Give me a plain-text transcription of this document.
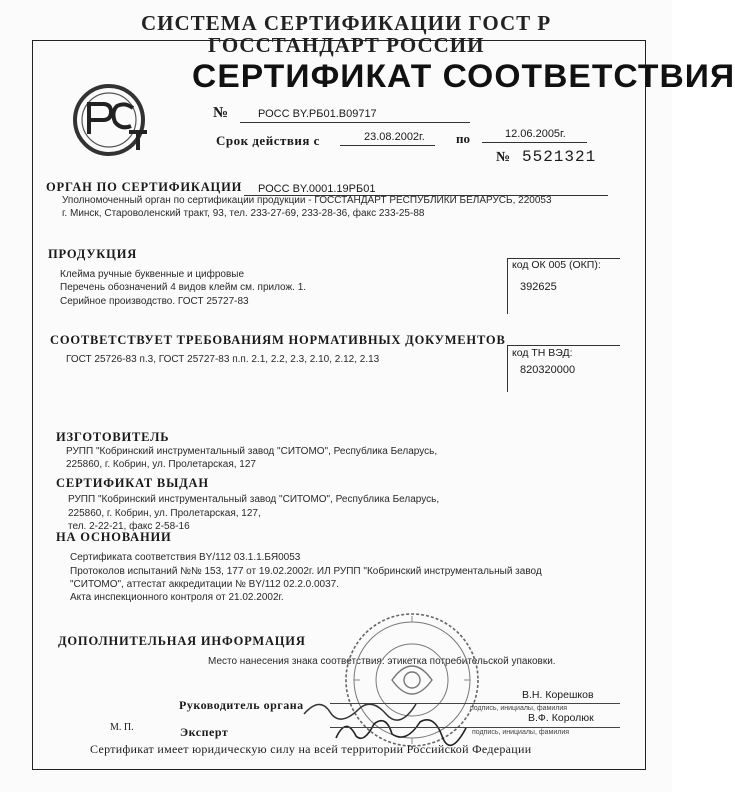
СИСТЕМА СЕРТИФИКАЦИИ ГОСТ Р
ГОССТАНДАРТ РОССИИ
СЕРТИФИКАТ СООТВЕТСТВИЯ
№	РОСС BY.РБ01.В09717
Срок действия с	23.08.2002г. по	12.06.2005г.
№ 5521321
ОРГАН ПО СЕРТИФИКАЦИИ РОСС BY.0001.19РБ01
Уполномоченный орган по сертификации продукции - ГОССТАНДАРТ РЕСПУБЛИКИ БЕЛАРУСЬ, 220053
г. Минск, Староволенский тракт, 93, тел. 233-27-69, 233-28-36, факс 233-25-88
ПРОДУКЦИЯ
Клейма ручные буквенные и цифровые
Перечень обозначений 4 видов клейм см. прилож. 1.
Серийное производство. ГОСТ 25727-83
код ОК 005 (ОКП):
392625
СООТВЕТСТВУЕТ ТРЕБОВАНИЯМ НОРМАТИВНЫХ ДОКУМЕНТОВ
ГОСТ 25726-83 п.3, ГОСТ 25727-83 п.п. 2.1, 2.2, 2.3, 2.10, 2.12, 2.13
код ТН ВЭД:
820320000
ИЗГОТОВИТЕЛЬ
РУПП "Кобринский инструментальный завод "СИТОМО", Республика Беларусь,
225860, г. Кобрин, ул. Пролетарская, 127
СЕРТИФИКАТ ВЫДАН
РУПП "Кобринский инструментальный завод "СИТОМО", Республика Беларусь,
225860, г. Кобрин, ул. Пролетарская, 127,
тел. 2-22-21, факс 2-58-16
НА ОСНОВАНИИ
Сертификата соответствия BY/112 03.1.1.БЯ0053
Протоколов испытаний №№ 153, 177 от 19.02.2002г. ИЛ РУПП "Кобринский инструментальный завод
"СИТОМО", аттестат аккредитации № BY/112 02.2.0.0037.
Акта инспекционного контроля от 21.02.2002г.
ДОПОЛНИТЕЛЬНАЯ ИНФОРМАЦИЯ
Место нанесения знака соответствия: этикетка потребительской упаковки.
Руководитель органа
В.Н. Корешков
подпись, инициалы, фамилия
М. П.	Эксперт
В.Ф. Королюк
подпись, инициалы, фамилия
Сертификат имеет юридическую силу на всей территории Российской Федерации
